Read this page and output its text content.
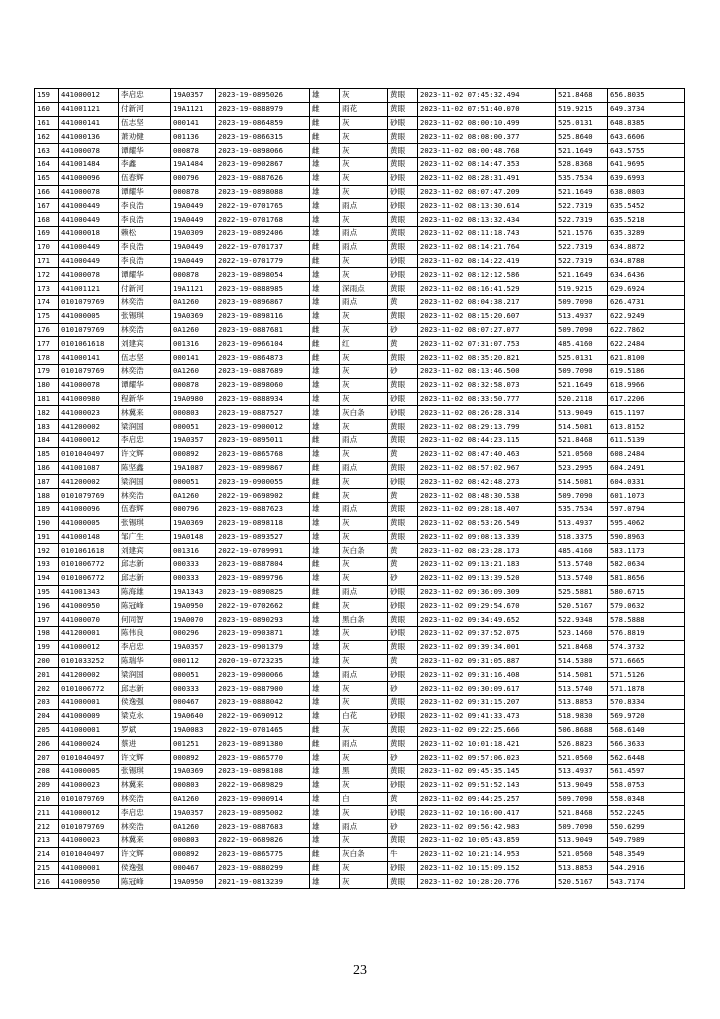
159	441000012	李启忠	19A0357	2023-19-0895026	雄	灰	黄眼	2023-11-02 07:45:32.494	521.8468	656.8035
160	441001121	付新河	19A1121	2023-19-0888979	雌	雨花	黄眼	2023-11-02 07:51:40.070	519.9215	649.3734
161	441000141	伍志坚	000141	2023-19-0864859	雌	灰	砂眼	2023-11-02 08:00:10.499	525.0131	648.8385
162	441000136	萧劝健	001136	2023-19-0866315	雌	灰	黄眼	2023-11-02 08:08:00.377	525.8640	643.6606
163	441000078	谭耀华	000878	2023-19-0898066	雌	灰	黄眼	2023-11-02 08:00:48.768	521.1649	643.5755
164	441001484	李鑫	19A1484	2023-19-0902867	雄	灰	黄眼	2023-11-02 08:14:47.353	528.8368	641.9695
165	441000096	伍春辉	000796	2023-19-0887626	雄	灰	砂眼	2023-11-02 08:28:31.491	535.7534	639.6993
166	441000078	谭耀华	000878	2023-19-0898088	雄	灰	砂眼	2023-11-02 08:07:47.209	521.1649	638.0803
167	441000449	李良浩	19A0449	2022-19-0701765	雄	雨点	砂眼	2023-11-02 08:13:30.614	522.7319	635.5452
168	441000449	李良浩	19A0449	2022-19-0701768	雄	灰	黄眼	2023-11-02 08:13:32.434	522.7319	635.5218
169	441000018	赖松	19A0309	2023-19-0892406	雄	雨点	黄眼	2023-11-02 08:11:18.743	521.1576	635.3289
170	441000449	李良浩	19A0449	2022-19-0701737	雌	雨点	黄眼	2023-11-02 08:14:21.764	522.7319	634.8872
171	441000449	李良浩	19A0449	2022-19-0701779	雌	灰	砂眼	2023-11-02 08:14:22.419	522.7319	634.8788
172	441000078	谭耀华	000878	2023-19-0898054	雄	灰	砂眼	2023-11-02 08:12:12.586	521.1649	634.6436
173	441001121	付新河	19A1121	2023-19-0888985	雄	深雨点	黄眼	2023-11-02 08:16:41.529	519.9215	629.6924
174	0101079769	林奕浩	0A1260	2023-19-0896867	雄	雨点	黄	2023-11-02 08:04:38.217	509.7090	626.4731
175	441000005	张锡琪	19A0369	2023-19-0898116	雄	灰	黄眼	2023-11-02 08:15:20.607	513.4937	622.9249
176	0101079769	林奕浩	0A1260	2023-19-0887681	雌	灰	砂	2023-11-02 08:07:27.077	509.7090	622.7862
177	0101061618	刘建宾	001316	2023-19-0966104	雌	红	黄	2023-11-02 07:31:07.753	485.4160	622.2484
178	441000141	伍志坚	000141	2023-19-0864873	雌	灰	黄眼	2023-11-02 08:35:20.821	525.0131	621.8100
179	0101079769	林奕浩	0A1260	2023-19-0887689	雄	灰	砂	2023-11-02 08:13:46.500	509.7090	619.5186
180	441000078	谭耀华	000878	2023-19-0898060	雄	灰	黄眼	2023-11-02 08:32:58.073	521.1649	618.9966
181	441000980	程新华	19A0980	2023-19-0888934	雄	灰	砂眼	2023-11-02 08:33:50.777	520.2118	617.2206
182	441000023	林冀来	000803	2023-19-0887527	雄	灰白条	砂眼	2023-11-02 08:26:28.314	513.9049	615.1197
183	441200002	梁润国	000051	2023-19-0900012	雄	灰	黄眼	2023-11-02 08:29:13.799	514.5081	613.8152
184	441000012	李启忠	19A0357	2023-19-0895011	雌	雨点	黄眼	2023-11-02 08:44:23.115	521.8468	611.5139
185	0101040497	许文辉	000892	2023-19-0865768	雄	灰	黄	2023-11-02 08:47:40.463	521.0560	608.2484
186	441001087	陈坚鑫	19A1087	2023-19-0899867	雌	雨点	黄眼	2023-11-02 08:57:02.967	523.2995	604.2491
187	441200002	梁润国	000051	2023-19-0900055	雌	灰	砂眼	2023-11-02 08:42:48.273	514.5081	604.0331
188	0101079769	林奕浩	0A1260	2022-19-0698902	雌	灰	黄	2023-11-02 08:48:30.538	509.7090	601.1073
189	441000096	伍春辉	000796	2023-19-0887623	雄	雨点	黄眼	2023-11-02 09:28:18.407	535.7534	597.0794
190	441000005	张锡琪	19A0369	2023-19-0898118	雄	灰	黄眼	2023-11-02 08:53:26.549	513.4937	595.4062
191	441000148	邹广生	19A0148	2023-19-0893527	雄	灰	黄眼	2023-11-02 09:08:13.339	518.3375	590.8963
192	0101061618	刘建宾	001316	2022-19-0709991	雄	灰白条	黄	2023-11-02 08:23:28.173	485.4160	583.1173
193	0101006772	邱志新	000333	2023-19-0887804	雌	灰	黄	2023-11-02 09:13:21.183	513.5740	582.0634
194	0101006772	邱志新	000333	2023-19-0899796	雄	灰	砂	2023-11-02 09:13:39.520	513.5740	581.8656
195	441001343	陈海雄	19A1343	2023-19-0890825	雌	雨点	砂眼	2023-11-02 09:36:09.309	525.5881	580.6715
196	441000950	陈冠峰	19A0950	2022-19-0702662	雌	灰	砂眼	2023-11-02 09:29:54.670	520.5167	579.0632
197	441000070	何同智	19A0070	2023-19-0890293	雄	黑白条	黄眼	2023-11-02 09:34:49.652	522.9348	578.5888
198	441200001	陈伟良	000296	2023-19-0903871	雄	灰	砂眼	2023-11-02 09:37:52.075	523.1460	576.8819
199	441000012	李启忠	19A0357	2023-19-0901379	雄	灰	黄眼	2023-11-02 09:39:34.001	521.8468	574.3732
200	0101033252	陈瑞华	000112	2020-19-0723235	雄	灰	黄	2023-11-02 09:31:05.887	514.5380	571.6665
201	441200002	梁润国	000051	2023-19-0900066	雄	雨点	砂眼	2023-11-02 09:31:16.408	514.5081	571.5126
202	0101006772	邱志新	000333	2023-19-0887900	雄	灰	砂	2023-11-02 09:30:09.617	513.5740	571.1878
203	441000001	侯逸强	000467	2023-19-0888042	雄	灰	黄眼	2023-11-02 09:31:15.207	513.8853	570.8334
204	441000009	梁克永	19A0640	2022-19-0690912	雄	白花	砂眼	2023-11-02 09:41:33.473	518.9830	569.9720
205	441000001	罗斌	19A0083	2022-19-0701465	雌	灰	黄眼	2023-11-02 09:22:25.666	506.8688	568.6140
206	441000024	蔡进	001251	2023-19-0891380	雌	雨点	黄眼	2023-11-02 10:01:18.421	526.8823	566.3633
207	0101040497	许文辉	000892	2023-19-0865770	雄	灰	砂	2023-11-02 09:57:06.023	521.0560	562.6448
208	441000005	张锡琪	19A0369	2023-19-0898108	雄	黑	黄眼	2023-11-02 09:45:35.145	513.4937	561.4597
209	441000023	林冀来	000803	2022-19-0689829	雄	灰	砂眼	2023-11-02 09:51:52.143	513.9049	558.0753
210	0101079769	林奕浩	0A1260	2023-19-0900914	雄	白	黄	2023-11-02 09:44:25.257	509.7090	558.0348
211	441000012	李启忠	19A0357	2023-19-0895002	雄	灰	砂眼	2023-11-02 10:16:00.417	521.8468	552.2245
212	0101079769	林奕浩	0A1260	2023-19-0887683	雄	雨点	砂	2023-11-02 09:56:42.983	509.7090	550.6299
213	441000023	林冀来	000803	2022-19-0689826	雄	灰	黄眼	2023-11-02 10:05:43.859	513.9049	549.7989
214	0101040497	许文辉	000892	2023-19-0865775	雌	灰白条	牛	2023-11-02 10:21:14.953	521.0560	548.3549
215	441000001	侯逸强	000467	2023-19-0880299	雌	灰	砂眼	2023-11-02 10:15:09.152	513.8853	544.2916
216	441000950	陈冠峰	19A0950	2021-19-0813239	雄	灰	黄眼	2023-11-02 10:28:20.776	520.5167	543.7174
23
